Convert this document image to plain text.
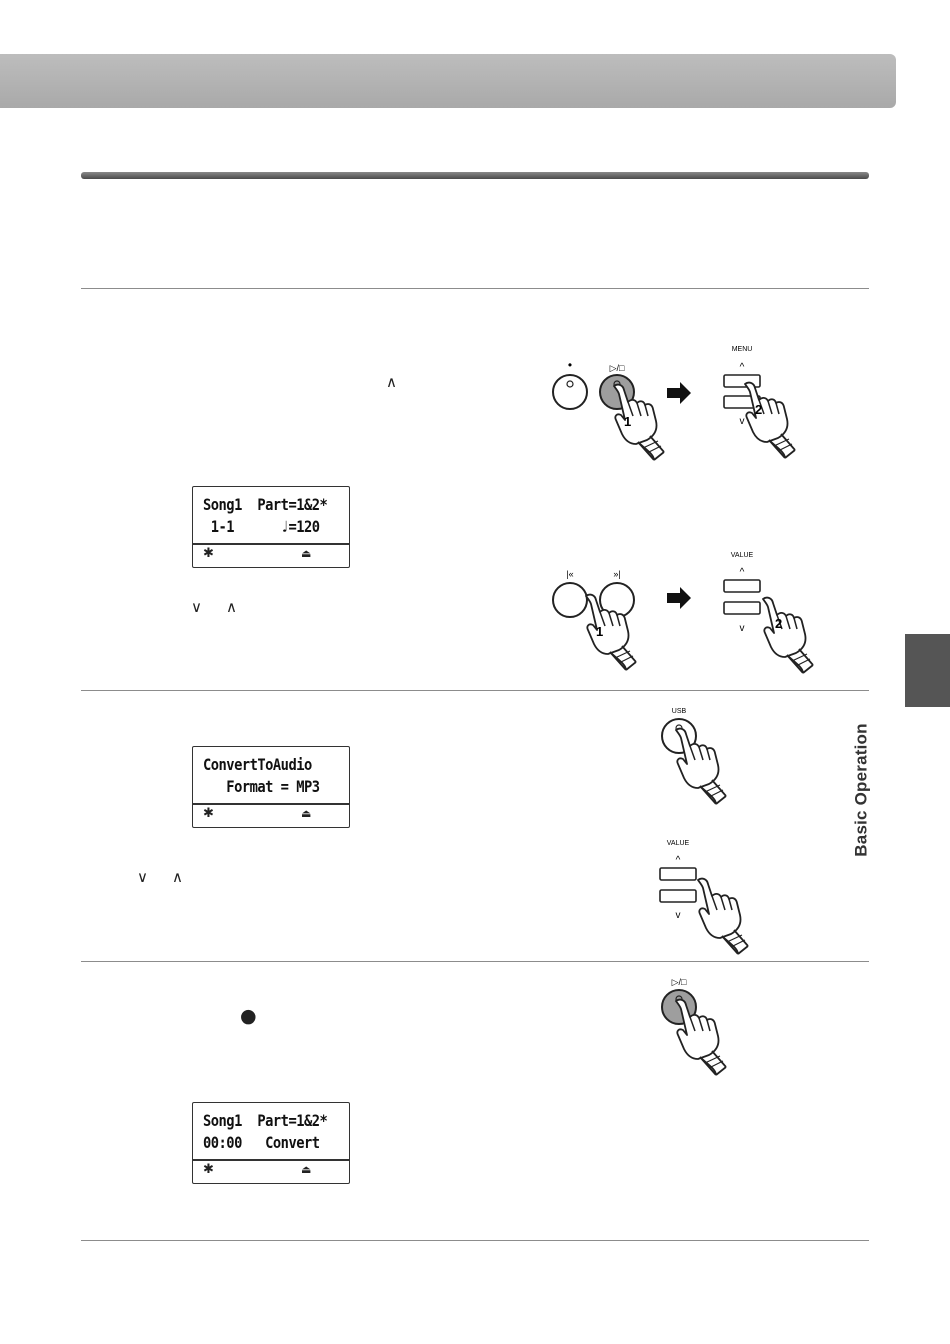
Basic Operation
∧
∨ ∧
∨ ∧
●
Song1  Part=1&2*
1-1      ♩=120
✱	⏏
ConvertToAudio
Format = MP3
✱	⏏
Song1  Part=1&2*
00:00   Convert
✱	⏏
•	▷/□
1
MENU
^
v
2
|«	»|
1
VALUE
^
v 2
USB
VALUE
^
v
▷/□
